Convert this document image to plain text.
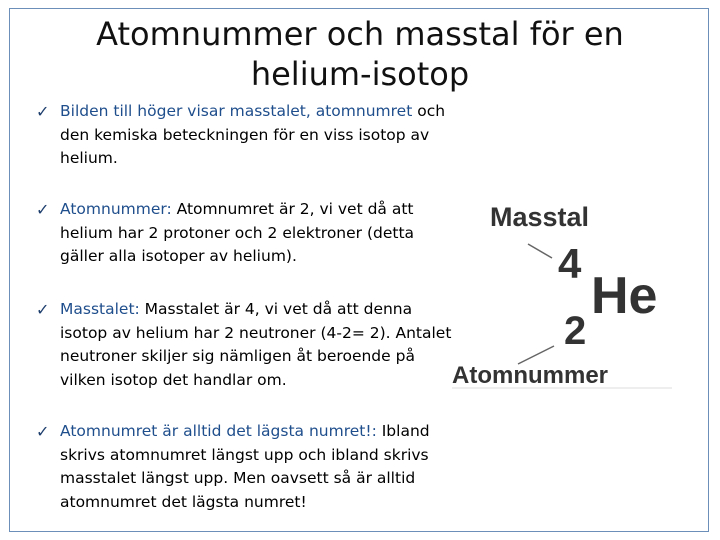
Atomnummer och masstal för en
helium-isotop
✓ Bilden till höger visar masstalet, atomnumret och den kemiska beteckningen för en viss isotop av helium.
✓ Atomnummer: Atomnumret är 2, vi vet då att helium har 2 protoner och 2 elektroner (detta gäller alla isotoper av helium).
✓ Masstalet: Masstalet är 4, vi vet då att denna isotop av helium har 2 neutroner (4-2= 2). Antalet neutroner skiljer sig nämligen åt beroende på vilken isotop det handlar om.
✓ Atomnumret är alltid det lägsta numret!: Ibland skrivs atomnumret längst upp och ibland skrivs masstalet längst upp. Men oavsett så är alltid atomnumret det lägsta numret!
Masstal
4
He
2
Atomnummer
